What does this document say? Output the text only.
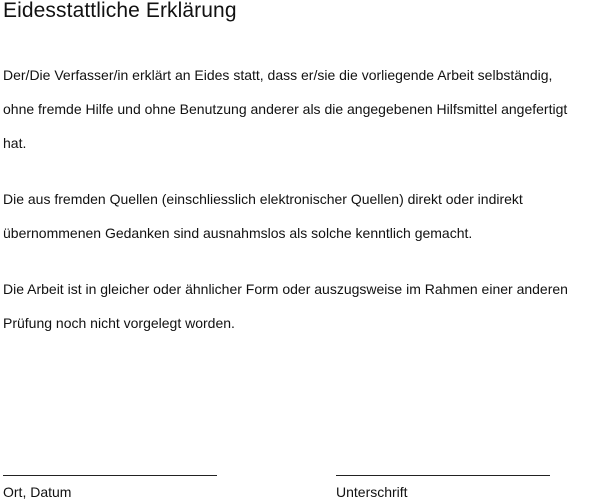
Eidesstattliche Erklärung
Der/Die Verfasser/in erklärt an Eides statt, dass er/sie die vorliegende Arbeit selbständig,
ohne fremde Hilfe und ohne Benutzung anderer als die angegebenen Hilfsmittel angefertigt
hat.
Die aus fremden Quellen (einschliesslich elektronischer Quellen) direkt oder indirekt
übernommenen Gedanken sind ausnahmslos als solche kenntlich gemacht.
Die Arbeit ist in gleicher oder ähnlicher Form oder auszugsweise im Rahmen einer anderen
Prüfung noch nicht vorgelegt worden.
Ort, Datum	Unterschrift
